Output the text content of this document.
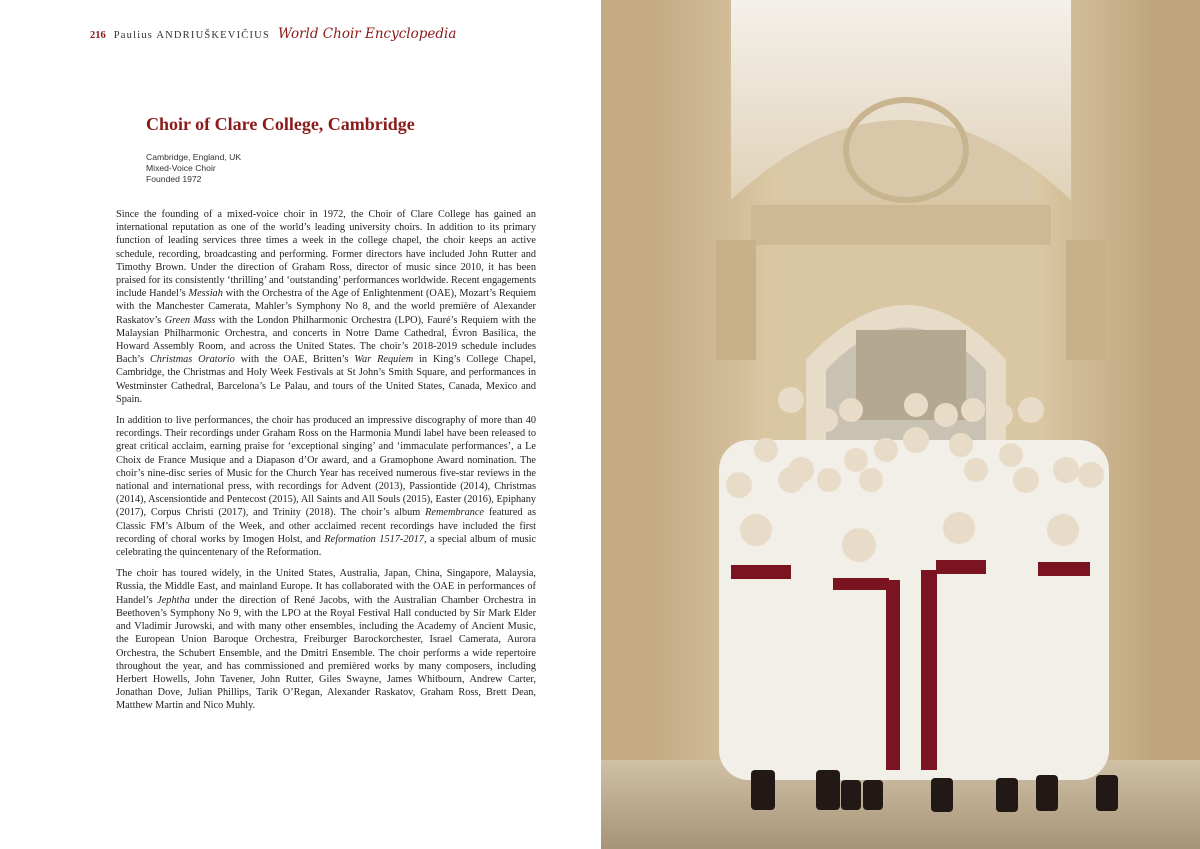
216 Paulius ANDRIUŠKEVIČIUS World Choir Encyclopedia
Choir of Clare College, Cambridge
Cambridge, England, UK
Mixed-Voice Choir
Founded 1972

Since the founding of a mixed-voice choir in 1972, the Choir of Clare College has gained an international reputation as one of the world’s leading university choirs. In addition to its primary function of leading services three times a week in the college chapel, the choir keeps an active schedule, recording, broadcasting and performing. Former directors have included John Rutter and Timothy Brown. Under the direction of Graham Ross, director of music since 2010, it has been praised for its consistently ‘thrilling’ and ‘outstanding’ performances worldwide. Recent engagements include Handel’s Messiah with the Orchestra of the Age of Enlightenment (OAE), Mozart’s Requiem with the Manchester Camerata, Mahler’s Symphony No 8, and the world première of Alexander Raskatov’s Green Mass with the London Philharmonic Orchestra (LPO), Fauré’s Requiem with the Malaysian Philharmonic Orchestra, and concerts in Notre Dame Cathedral, Évron Basilica, the Howard Assembly Room, and across the United States. The choir’s 2018-2019 schedule includes Bach’s Christmas Oratorio with the OAE, Britten’s War Requiem in King’s College Chapel, Cambridge, the Christmas and Holy Week Festivals at St John’s Smith Square, and performances in Westminster Cathedral, Barcelona’s Le Palau, and tours of the United States, Canada, Mexico and Spain.

In addition to live performances, the choir has produced an impressive discography of more than 40 recordings. Their recordings under Graham Ross on the Harmonia Mundi label have been released to great critical acclaim, earning praise for ‘exceptional singing’ and ‘immaculate performances’, a Le Choix de France Musique and a Diapason d’Or award, and a Gramophone Award nomination. The choir’s nine-disc series of Music for the Church Year has received numerous five-star reviews in the national and international press, with recordings for Advent (2013), Passiontide (2014), Christmas (2014), Ascensiontide and Pentecost (2015), All Saints and All Souls (2015), Easter (2016), Epiphany (2017), Corpus Christi (2017), and Trinity (2018). The choir’s album Remembrance featured as Classic FM’s Album of the Week, and other acclaimed recent recordings have included the first recording of choral works by Imogen Holst, and Reformation 1517-2017, a special album of music celebrating the quincentenary of the Reformation.

The choir has toured widely, in the United States, Australia, Japan, China, Singapore, Malaysia, Russia, the Middle East, and mainland Europe. It has collaborated with the OAE in performances of Handel’s Jephtha under the direction of René Jacobs, with the Australian Chamber Orchestra in Beethoven’s Symphony No 9, with the LPO at the Royal Festival Hall conducted by Sir Mark Elder and Vladimir Jurowski, and with many other ensembles, including the Academy of Ancient Music, the European Union Baroque Orchestra, Freiburger Barockorchester, Israel Camerata, Aurora Orchestra, the Schubert Ensemble, and the Dmitri Ensemble. The choir performs a wide repertoire throughout the year, and has commissioned and premièred works by many composers, including Herbert Howells, John Tavener, John Rutter, Giles Swayne, James Whitbourn, Andrew Carter, Jonathan Dove, Julian Phillips, Tarik O’Regan, Alexander Raskatov, Graham Ross, Brett Dean, Matthew Martin and Nico Muhly.
